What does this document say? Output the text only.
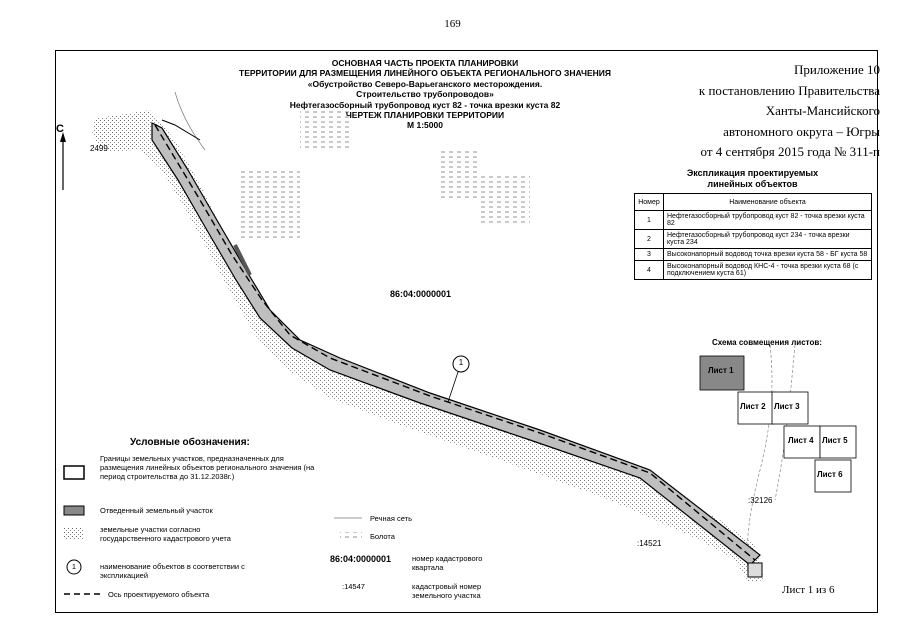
169
ОСНОВНАЯ ЧАСТЬ ПРОЕКТА ПЛАНИРОВКИ
ТЕРРИТОРИИ ДЛЯ РАЗМЕЩЕНИЯ ЛИНЕЙНОГО ОБЪЕКТА РЕГИОНАЛЬНОГО ЗНАЧЕНИЯ
«Обустройство Северо-Варьеганского месторождения.
Строительство трубопроводов»
Нефтегазосборный трубопровод куст 82 - точка врезки куста 82
ЧЕРТЕЖ ПЛАНИРОВКИ ТЕРРИТОРИИ
М 1:5000
Приложение 10
к постановлению Правительства
Ханты-Мансийского
автономного округа – Югры
от 4 сентября 2015 года № 311-п
Экспликация проектируемых
линейных объектов
Номер	Наименование объекта
1	Нефтегазосборный трубопровод куст 82 - точка врезки куста 82
2	Нефтегазосборный трубопровод куст 234 - точка врезки куста 234
3	Высоконапорный водовод точка врезки куста 58 - БГ куста 58
4	Высоконапорный водовод КНС-4 - точка врезки куста 68 (с подключением куста 61)
С
2499
86:04:0000001
1
:14521
:32126
Схема совмещения листов:
Лист 1
Лист 2 Лист 3
Лист 4 Лист 5
Лист 6
Условные обозначения:
Границы земельных участков, предназначенных для размещения линейных объектов регионального значения (на период строительства до 31.12.2038г.)
Отведенный земельный участок
земельные участки согласно государственного кадастрового учета
1	наименование объектов в соответствии с экспликацией
Ось проектируемого объекта
Речная сеть
Болота
86:04:0000001	номер кадастрового квартала
:14547	кадастровый номер земельного участка	Лист 1 из 6
